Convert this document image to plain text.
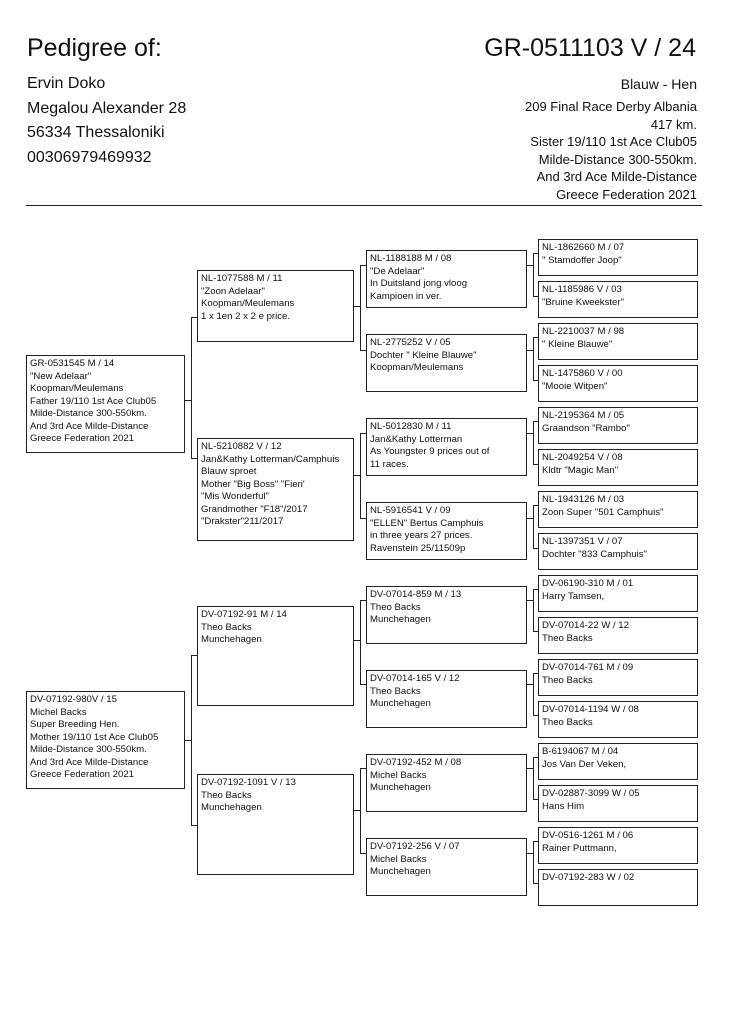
Pedigree of:	GR-0511103 V / 24
Ervin Doko
Megalou Alexander 28
56334 Thessaloniki
00306979469932
Blauw - Hen
209 Final Race Derby Albania
417 km.
Sister 19/110 1st Ace Club05
Milde-Distance 300-550km.
And 3rd Ace Milde-Distance
Greece Federation 2021
GR-0531545 M / 14
"New Adelaar"
Koopman/Meulemans
Father 19/110 1st Ace Club05
Milde-Distance 300-550km.
And 3rd Ace Milde-Distance
Greece Federation 2021
DV-07192-980V / 15
Michel Backs
Super Breeding Hen.
Mother 19/110 1st Ace Club05
Milde-Distance 300-550km.
And 3rd Ace Milde-Distance
Greece Federation 2021
NL-1077588 M / 11
"Zoon Adelaar"
Koopman/Meulemans
1 x 1en 2 x 2 e price.
NL-5210882 V / 12
Jan&Kathy Lotterman/Camphuis
Blauw sproet
Mother "Big Boss" "Fieri'
"Mis Wonderful"
Grandmother "F18"/2017
"Drakster"211/2017
DV-07192-91 M / 14
Theo Backs
Munchehagen
DV-07192-1091 V / 13
Theo Backs
Munchehagen
NL-1188188 M / 08
"De Adelaar"
In Duitsland jong vloog
Kampioen in ver.
NL-2775252 V / 05
Dochter " Kleine Blauwe"
Koopman/Meulemans
NL-5012830 M / 11
Jan&Kathy Lotterman
As Youngster 9 prices out of
11 races.
NL-5916541 V / 09
"ELLEN" Bertus Camphuis
in three years 27 prices.
Ravenstein 25/11509p
DV-07014-859 M / 13
Theo Backs
Munchehagen
DV-07014-165 V / 12
Theo Backs
Munchehagen
DV-07192-452 M / 08
Michel Backs
Munchehagen
DV-07192-256 V / 07
Michel Backs
Munchehagen
NL-1862660 M / 07
" Stamdoffer Joop"
NL-1185986 V / 03
"Bruine Kweekster"
NL-2210037 M / 98
" Kleine Blauwe"
NL-1475860 V / 00
"Mooie Witpen"
NL-2195364 M / 05
Graandson "Rambo"
NL-2049254 V / 08
Kldtr "Magic Man"
NL-1943126 M / 03
Zoon Super "501 Camphuis"
NL-1397351 V / 07
Dochter "833 Camphuis"
DV-06190-310 M / 01
Harry Tamsen,
DV-07014-22 W / 12
Theo Backs
DV-07014-761 M / 09
Theo Backs
DV-07014-1194 W / 08
Theo Backs
B-6194067 M / 04
Jos Van Der Veken,
DV-02887-3099 W / 05
Hans Him
DV-0516-1261 M / 06
Rainer Puttmann,
DV-07192-283 W / 02
